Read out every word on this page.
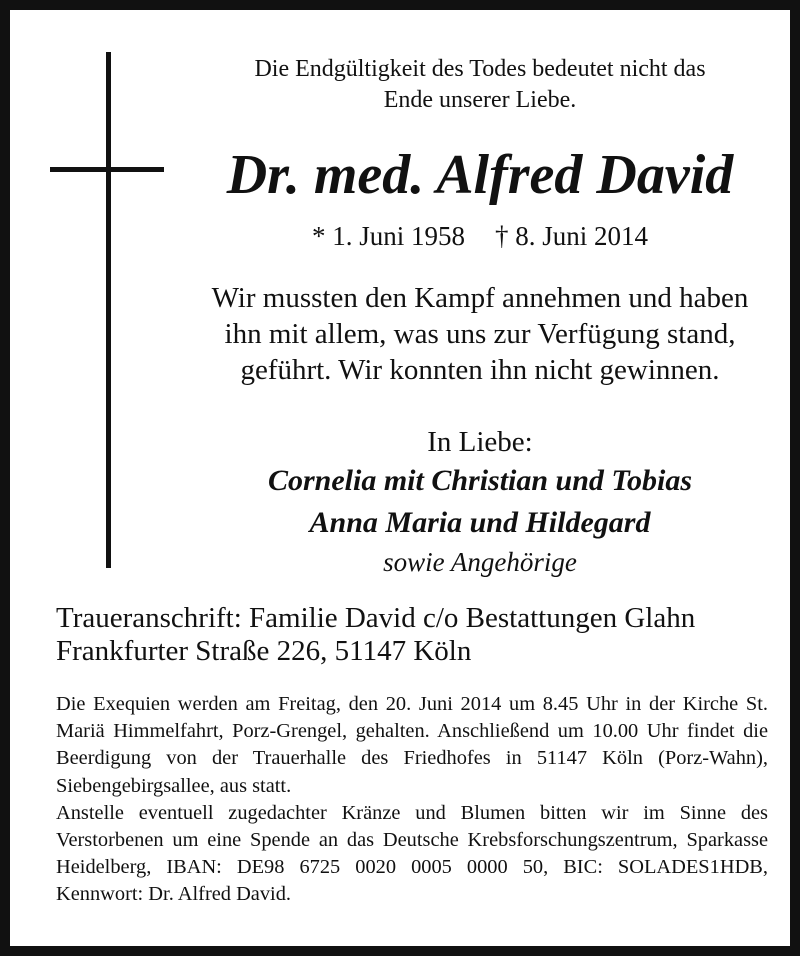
Die Endgültigkeit des Todes bedeutet nicht das
Ende unserer Liebe.
Dr. med. Alfred David
* 1. Juni 1958 † 8. Juni 2014
Wir mussten den Kampf annehmen und haben
ihn mit allem, was uns zur Verfügung stand,
geführt. Wir konnten ihn nicht gewinnen.
In Liebe:
Cornelia mit Christian und Tobias
Anna Maria und Hildegard
sowie Angehörige
Traueranschrift: Familie David c/o Bestattungen Glahn
Frankfurter Straße 226, 51147 Köln

Die Exequien werden am Freitag, den 20. Juni 2014 um 8.45 Uhr in der Kirche St. Mariä Himmelfahrt, Porz-Grengel, gehalten. Anschließend um 10.00 Uhr findet die Beerdigung von der Trauerhalle des Friedhofes in 51147 Köln (Porz-Wahn), Siebengebirgsallee, aus statt.

Anstelle eventuell zugedachter Kränze und Blumen bitten wir im Sinne des Verstorbenen um eine Spende an das Deutsche Krebsforschungszentrum, Sparkasse Heidelberg, IBAN: DE98 6725 0020 0005 0000 50, BIC: SOLADES1HDB, Kennwort: Dr. Alfred David.
